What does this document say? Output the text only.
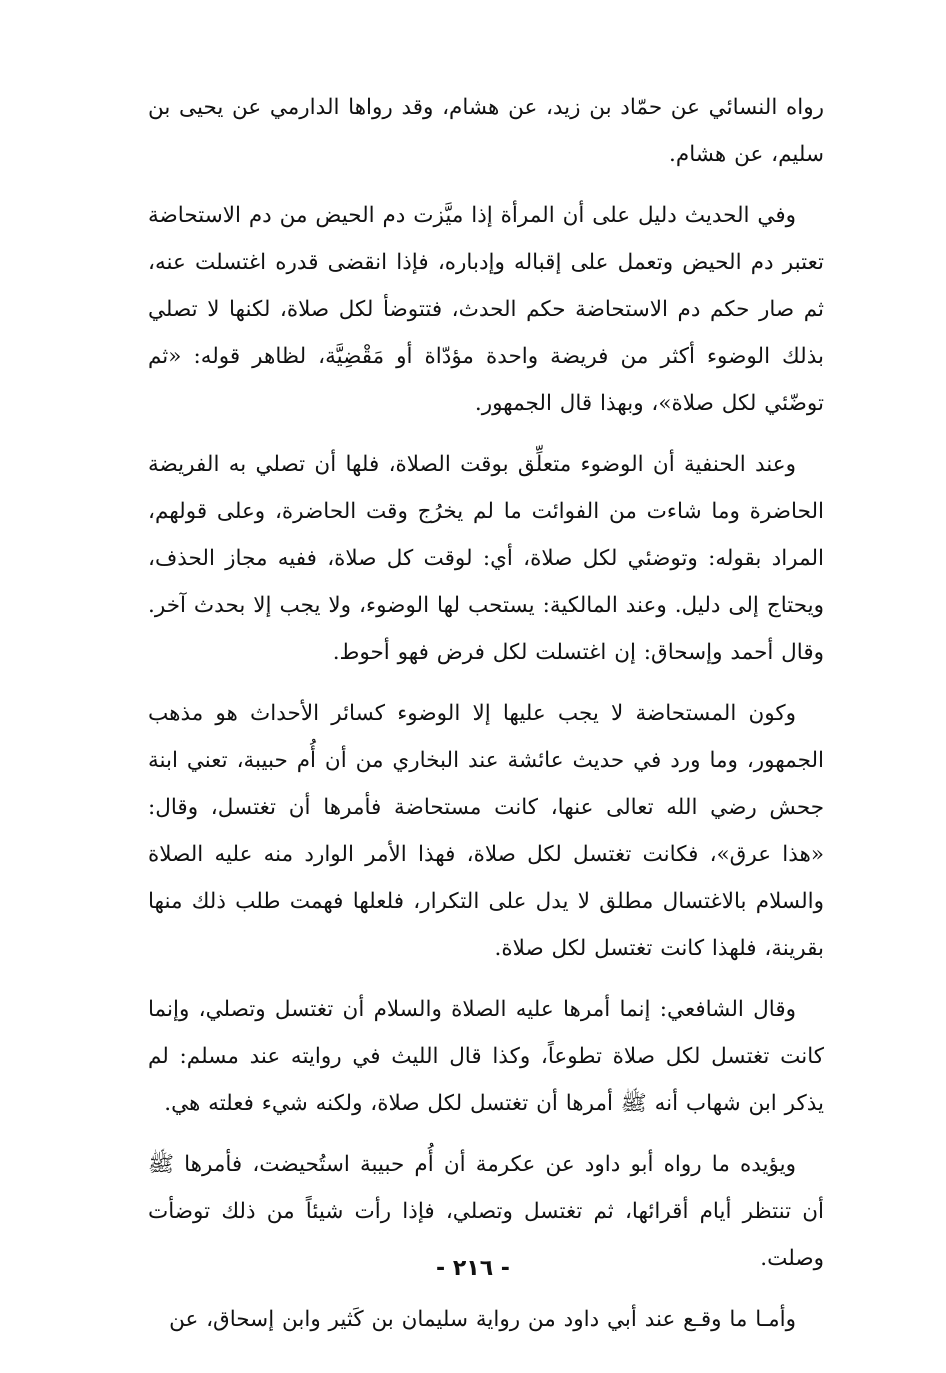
رواه النسائي عن حمّاد بن زيد، عن هشام، وقد رواها الدارمي عن يحيى بن سليم، عن هشام.

وفي الحديث دليل على أن المرأة إذا ميَّزت دم الحيض من دم الاستحاضة تعتبر دم الحيض وتعمل على إقباله وإدباره، فإذا انقضى قدره اغتسلت عنه، ثم صار حكم دم الاستحاضة حكم الحدث، فتتوضأ لكل صلاة، لكنها لا تصلي بذلك الوضوء أكثر من فريضة واحدة مؤدّاة أو مَقْضِيَّة، لظاهر قوله: «ثم توضّئي لكل صلاة»، وبهذا قال الجمهور.

وعند الحنفية أن الوضوء متعلِّق بوقت الصلاة، فلها أن تصلي به الفريضة الحاضرة وما شاءت من الفوائت ما لم يخرُج وقت الحاضرة، وعلى قولهم، المراد بقوله: وتوضئي لكل صلاة، أي: لوقت كل صلاة، ففيه مجاز الحذف، ويحتاج إلى دليل. وعند المالكية: يستحب لها الوضوء، ولا يجب إلا بحدث آخر. وقال أحمد وإسحاق: إن اغتسلت لكل فرض فهو أحوط.

وكون المستحاضة لا يجب عليها إلا الوضوء كسائر الأحداث هو مذهب الجمهور، وما ورد في حديث عائشة عند البخاري من أن أُم حبيبة، تعني ابنة جحش رضي الله تعالى عنها، كانت مستحاضة فأمرها أن تغتسل، وقال: «هذا عرق»، فكانت تغتسل لكل صلاة، فهذا الأمر الوارد منه عليه الصلاة والسلام بالاغتسال مطلق لا يدل على التكرار، فلعلها فهمت طلب ذلك منها بقرينة، فلهذا كانت تغتسل لكل صلاة.

وقال الشافعي: إنما أمرها عليه الصلاة والسلام أن تغتسل وتصلي، وإنما كانت تغتسل لكل صلاة تطوعاً، وكذا قال الليث في روايته عند مسلم: لم يذكر ابن شهاب أنه ﷺ أمرها أن تغتسل لكل صلاة، ولكنه شيء فعلته هي.

ويؤيده ما رواه أبو داود عن عكرمة أن أُم حبيبة استُحيضت، فأمرها ﷺ أن تنتظر أيام أقرائها، ثم تغتسل وتصلي، فإذا رأت شيئاً من ذلك توضأت وصلت.

وأمـا ما وقـع عند أبي داود من رواية سليمان بن كَثير وابن إسحاق، عن

- ٢١٦ -
